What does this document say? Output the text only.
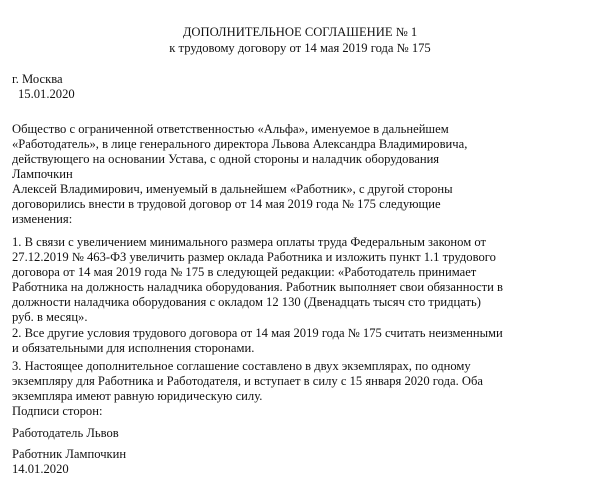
ДОПОЛНИТЕЛЬНОЕ СОГЛАШЕНИЕ № 1
к трудовому договору от 14 мая 2019 года № 175
г. Москва
15.01.2020
Общество с ограниченной ответственностью «Альфа», именуемое в дальнейшем
«Работодатель», в лице генерального директора Львова Александра Владимировича,
действующего на основании Устава, с одной стороны и наладчик оборудования
Лампочкин
Алексей Владимирович, именуемый в дальнейшем «Работник», с другой стороны
договорились внести в трудовой договор от 14 мая 2019 года № 175 следующие
изменения:
1. В связи с увеличением минимального размера оплаты труда Федеральным законом от
27.12.2019 № 463-ФЗ увеличить размер оклада Работника и изложить пункт 1.1 трудового
договора от 14 мая 2019 года № 175 в следующей редакции: «Работодатель принимает
Работника на должность наладчика оборудования. Работник выполняет свои обязанности в
должности наладчика оборудования с окладом 12 130 (Двенадцать тысяч сто тридцать)
руб. в месяц».
2. Все другие условия трудового договора от 14 мая 2019 года № 175 считать неизменными
и обязательными для исполнения сторонами.
3. Настоящее дополнительное соглашение составлено в двух экземплярах, по одному
экземпляру для Работника и Работодателя, и вступает в силу с 15 января 2020 года. Оба
экземпляра имеют равную юридическую силу.
Подписи сторон:
Работодатель Львов
Работник Лампочкин
14.01.2020
